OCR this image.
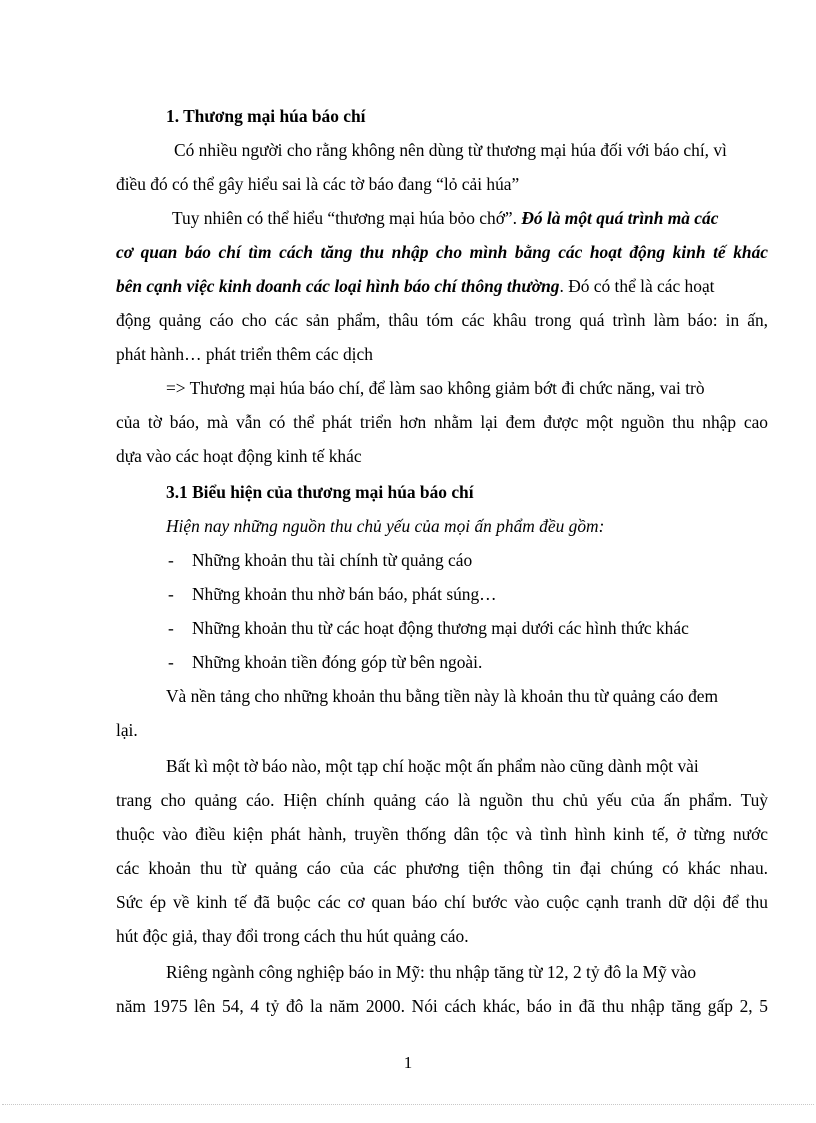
1. Thương mại húa báo chí
Có nhiều người cho rằng không nên dùng từ thương mại húa đối với báo chí, vì
điều đó có thể gây hiểu sai là các tờ báo đang “lỏ cải húa”
Tuy nhiên có thể hiểu “thương mại húa bỏo chớ”. Đó là một quá trình mà các
cơ quan báo chí tìm cách tăng thu nhập cho mình bằng các hoạt động kinh tế khác
bên cạnh việc kinh doanh các loại hình báo chí thông thường. Đó có thể là các hoạt
động quảng cáo cho các sản phẩm, thâu tóm các khâu trong quá trình làm báo: in ấn,
phát hành… phát triển thêm các dịch
=> Thương mại húa báo chí, để làm sao không giảm bớt đi chức năng, vai trò
của tờ báo, mà vẫn có thể phát triển hơn nhằm lại đem được một nguồn thu nhập cao
dựa vào các hoạt động kinh tế khác
3.1 Biểu hiện của thương mại húa báo chí
Hiện nay những nguồn thu chủ yếu của mọi ấn phẩm đều gồm:
- Những khoản thu tài chính từ quảng cáo
- Những khoản thu nhờ bán báo, phát súng…
- Những khoản thu từ các hoạt động thương mại dưới các hình thức khác
- Những khoản tiền đóng góp từ bên ngoài.
Và nền tảng cho những khoản thu bằng tiền này là khoản thu từ quảng cáo đem
lại.
Bất kì một tờ báo nào, một tạp chí hoặc một ấn phẩm nào cũng dành một vài
trang cho quảng cáo. Hiện chính quảng cáo là nguồn thu chủ yếu của ấn phẩm. Tuỳ
thuộc vào điều kiện phát hành, truyền thống dân tộc và tình hình kinh tế, ở từng nước
các khoản thu từ quảng cáo của các phương tiện thông tin đại chúng có khác nhau.
Sức ép về kinh tế đã buộc các cơ quan báo chí bước vào cuộc cạnh tranh dữ dội để thu
hút độc giả, thay đổi trong cách thu hút quảng cáo.
Riêng ngành công nghiệp báo in Mỹ: thu nhập tăng từ 12, 2 tỷ đô la Mỹ vào
năm 1975 lên 54, 4 tỷ đô la năm 2000. Nói cách khác, báo in đã thu nhập tăng gấp 2, 5
1
